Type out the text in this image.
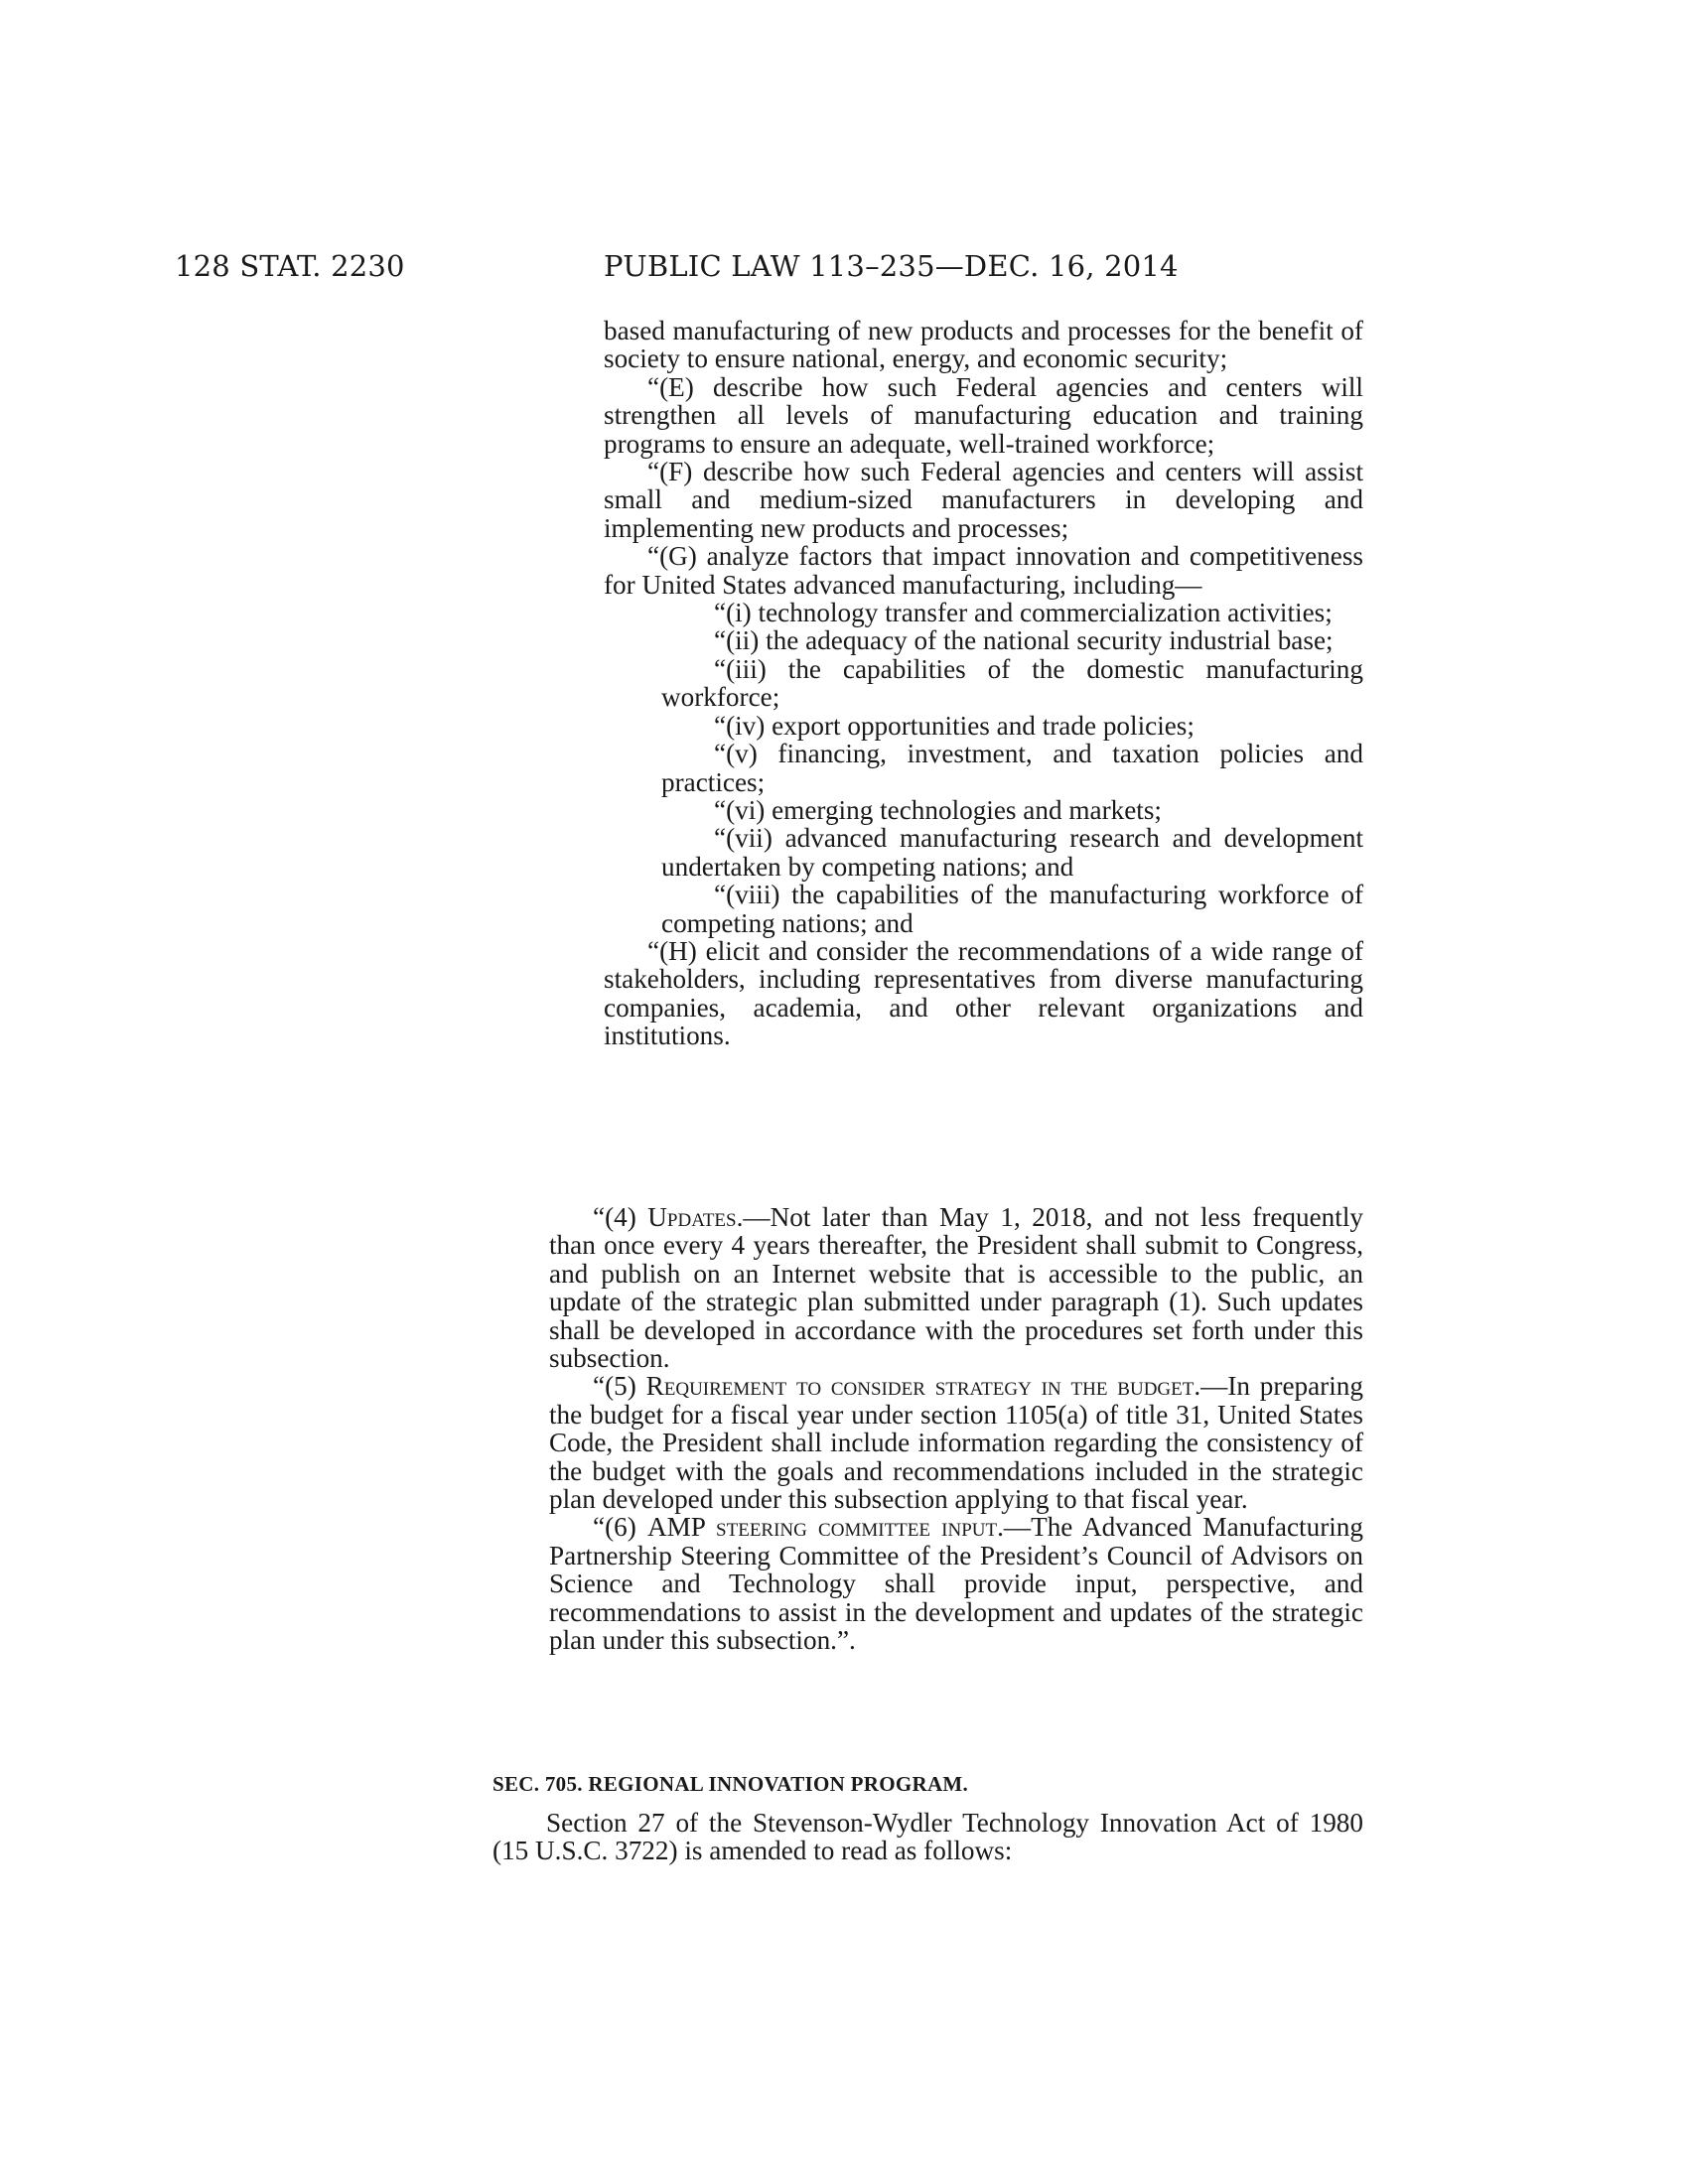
128 STAT. 2230	PUBLIC LAW 113–235—DEC. 16, 2014

based manufacturing of new products and processes for the benefit of society to ensure national, energy, and economic security;

“(E) describe how such Federal agencies and centers will strengthen all levels of manufacturing education and training programs to ensure an adequate, well-trained workforce;

“(F) describe how such Federal agencies and centers will assist small and medium-sized manufacturers in developing and implementing new products and processes;

“(G) analyze factors that impact innovation and competitiveness for United States advanced manufacturing, including—

“(i) technology transfer and commercialization activities;

“(ii) the adequacy of the national security industrial base;

“(iii) the capabilities of the domestic manufacturing workforce;

“(iv) export opportunities and trade policies;

“(v) financing, investment, and taxation policies and practices;

“(vi) emerging technologies and markets;

“(vii) advanced manufacturing research and development undertaken by competing nations; and

“(viii) the capabilities of the manufacturing workforce of competing nations; and

“(H) elicit and consider the recommendations of a wide range of stakeholders, including representatives from diverse manufacturing companies, academia, and other relevant organizations and institutions.

“(4) Updates.—Not later than May 1, 2018, and not less frequently than once every 4 years thereafter, the President shall submit to Congress, and publish on an Internet website that is accessible to the public, an update of the strategic plan submitted under paragraph (1). Such updates shall be developed in accordance with the procedures set forth under this subsection.

“(5) Requirement to consider strategy in the budget.—In preparing the budget for a fiscal year under section 1105(a) of title 31, United States Code, the President shall include information regarding the consistency of the budget with the goals and recommendations included in the strategic plan developed under this subsection applying to that fiscal year.

“(6) AMP steering committee input.—The Advanced Manufacturing Partnership Steering Committee of the President’s Council of Advisors on Science and Technology shall provide input, perspective, and recommendations to assist in the development and updates of the strategic plan under this subsection.”.

SEC. 705. REGIONAL INNOVATION PROGRAM.

Section 27 of the Stevenson-Wydler Technology Innovation Act of 1980 (15 U.S.C. 3722) is amended to read as follows:
